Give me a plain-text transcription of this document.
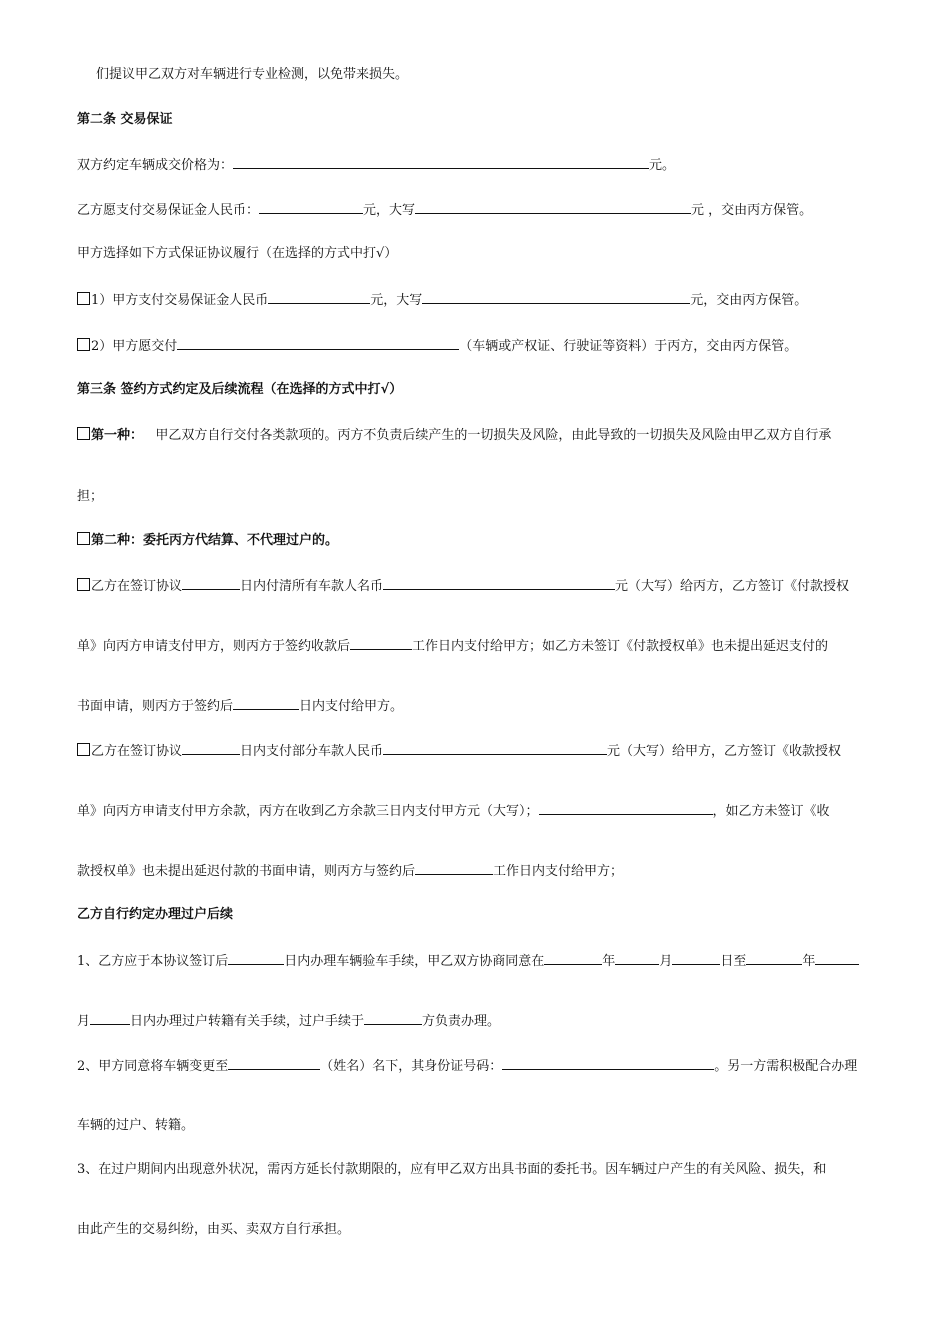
们提议甲乙双方对车辆进行专业检测，以免带来损失。
第二条 交易保证
双方约定车辆成交价格为：	元。
乙方愿支付交易保证金人民币：	元，大写	元 ，交由丙方保管。
甲方选择如下方式保证协议履行（在选择的方式中打√）
1）甲方支付交易保证金人民币	元，大写	元，交由丙方保管。
2）甲方愿交付	（车辆或产权证、行驶证等资料）于丙方，交由丙方保管。
第三条 签约方式约定及后续流程（在选择的方式中打√）
第一种： 甲乙双方自行交付各类款项的。丙方不负责后续产生的一切损失及风险，由此导致的一切损失及风险由甲乙双方自行承
担；
第二种：委托丙方代结算、不代理过户的。
乙方在签订协议	日内付清所有车款人名币	元（大写）给丙方，乙方签订《付款授权
单》向丙方申请支付甲方，则丙方于签约收款后	工作日内支付给甲方；如乙方未签订《付款授权单》也未提出延迟支付的
书面申请，则丙方于签约后	日内支付给甲方。
乙方在签订协议	日内支付部分车款人民币	元（大写）给甲方，乙方签订《收款授权
单》向丙方申请支付甲方余款，丙方在收到乙方余款三日内支付甲方元（大写）；	，如乙方未签订《收
款授权单》也未提出延迟付款的书面申请，则丙方与签约后	工作日内支付给甲方；
乙方自行约定办理过户后续
1、乙方应于本协议签订后	日内办理车辆验车手续，甲乙双方协商同意在	年	月	日至	年
月	日内办理过户转籍有关手续，过户手续于	方负责办理。
2、甲方同意将车辆变更至	（姓名）名下，其身份证号码：	。另一方需积极配合办理
车辆的过户、转籍。
3、在过户期间内出现意外状况，需丙方延长付款期限的，应有甲乙双方出具书面的委托书。因车辆过户产生的有关风险、损失，和
由此产生的交易纠纷，由买、卖双方自行承担。
